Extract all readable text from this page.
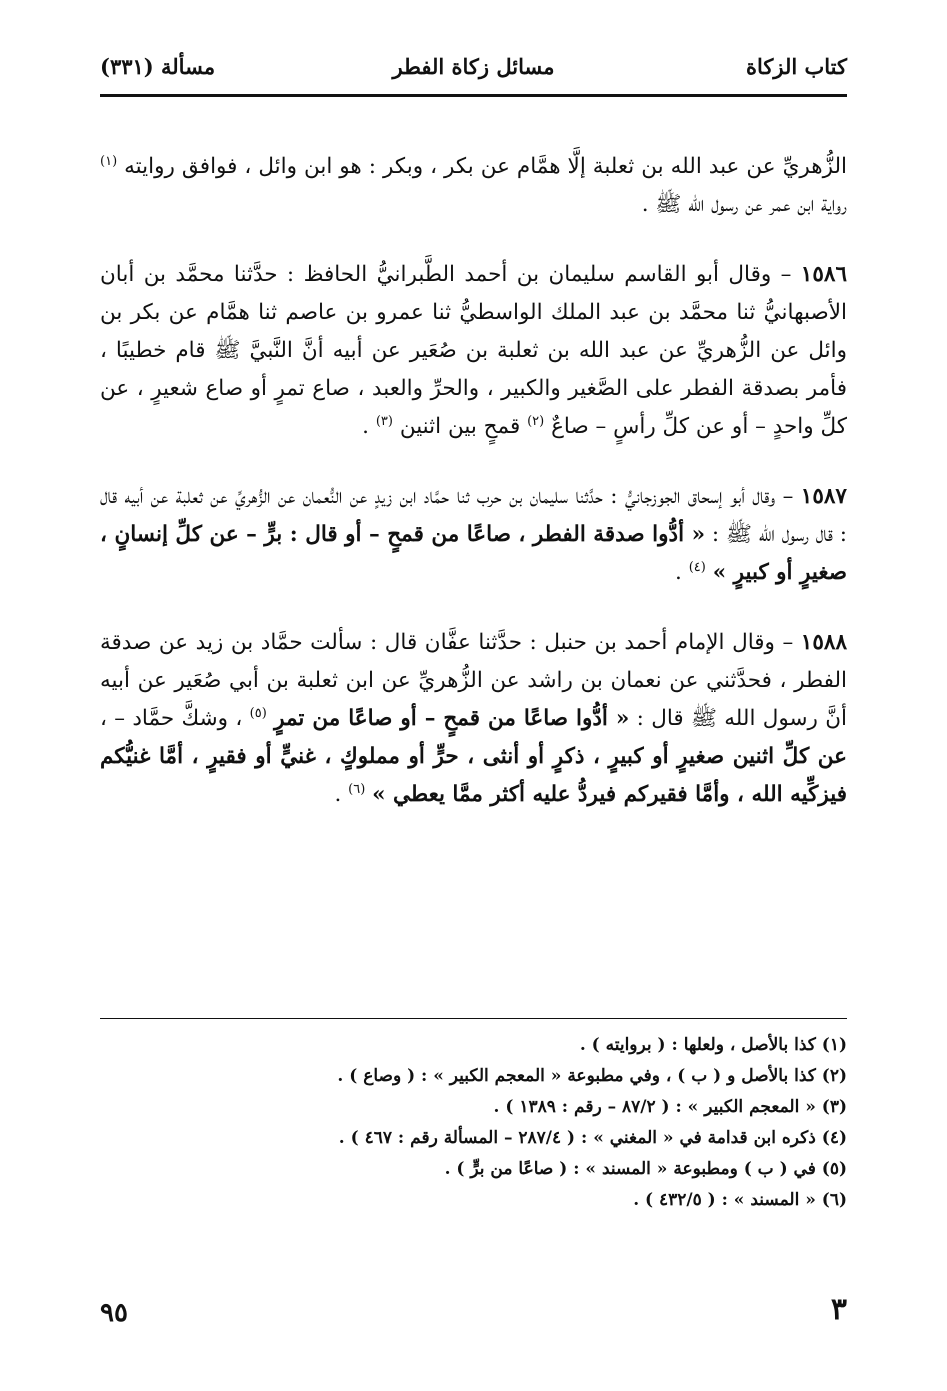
كتاب الزكاة
مسائل زكاة الفطر
مسألة (٣٣١)

الزُّهريِّ عن عبد الله بن ثعلبة إلَّا همَّام عن بكر ، وبكر : هو ابن وائل ، فوافق روايته $^{(١)}$ رواية ابن عمر عن رسول الله ﷺ .

١٥٨٦ – وقال أبو القاسم سليمان بن أحمد الطَّبرانيُّ الحافظ : حدَّثنا محمَّد بن أبان الأصبهانيُّ ثنا محمَّد بن عبد الملك الواسطيُّ ثنا عمرو بن عاصم ثنا همَّام عن بكر بن وائل عن الزُّهريِّ عن عبد الله بن ثعلبة بن صُعَير عن أبيه أنَّ النَّبيَّ ﷺ قام خطيبًا ، فأمر بصدقة الفطر على الصَّغير والكبير ، والحرِّ والعبد ، صاع تمرٍ أو صاع شعيرٍ ، عن كلِّ واحدٍ – أو عن كلِّ رأسٍ – صاعٌ $^{(٢)}$ قمحٍ بين اثنين $^{(٣)}$ .

١٥٨٧ – وقال أبو إسحاق الجوزجانيُّ : حدَّثنا سليمان بن حرب ثنا حمَّاد ابن زيدٍ عن النُّعمان عن الزُّهريِّ عن ثعلبة عن أبيه قال : قال رسول الله ﷺ : « أدُّوا صدقة الفطر ، صاعًا من قمحٍ – أو قال : برٍّ – عن كلِّ إنسانٍ ، صغيرٍ أو كبيرٍ » $^{(٤)}$ .

١٥٨٨ – وقال الإمام أحمد بن حنبل : حدَّثنا عفَّان قال : سألت حمَّاد بن زيد عن صدقة الفطر ، فحدَّثني عن نعمان بن راشد عن الزُّهريِّ عن ابن ثعلبة بن أبي صُعَير عن أبيه أنَّ رسول الله ﷺ قال : « أدُّوا صاعًا من قمحٍ – أو صاعًا من تمرٍ $^{(٥)}$ ، وشكَّ حمَّاد – ، عن كلِّ اثنين صغيرٍ أو كبيرٍ ، ذكرٍ أو أنثى ، حرٍّ أو مملوكٍ ، غنيٍّ أو فقيرٍ ، أمَّا غنيُّكم فيزكِّيه الله ، وأمَّا فقيركم فيردُّ عليه أكثر ممَّا يعطي » $^{(٦)}$ .

(١) كذا بالأصل ، ولعلها : ( بروايته ) .
(٢) كذا بالأصل و ( ب ) ، وفي مطبوعة « المعجم الكبير » : ( وصاع ) .
(٣) « المعجم الكبير » : ( ٨٧/٢ – رقم : ١٣٨٩ ) .
(٤) ذكره ابن قدامة في « المغني » : ( ٢٨٧/٤ – المسألة رقم : ٤٦٧ ) .
(٥) في ( ب ) ومطبوعة « المسند » : ( صاعًا من برٍّ ) .
(٦) « المسند » : ( ٤٣٢/٥ ) .
٩٥	٣
